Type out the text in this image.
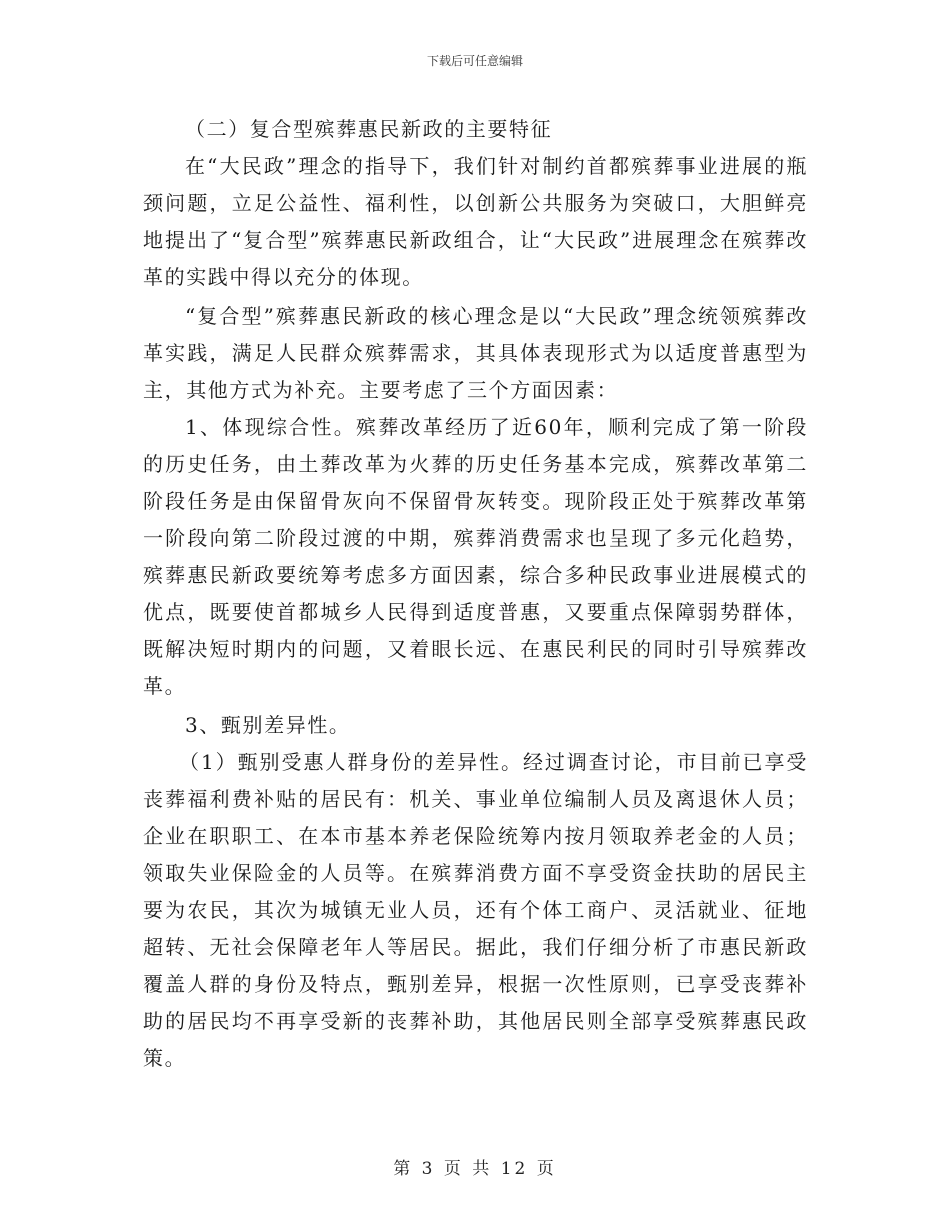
下载后可任意编辑

（二）复合型殡葬惠民新政的主要特征

在“大民政”理念的指导下，我们针对制约首都殡葬事业进展的瓶颈问题，立足公益性、福利性，以创新公共服务为突破口，大胆鲜亮地提出了“复合型”殡葬惠民新政组合，让“大民政”进展理念在殡葬改革的实践中得以充分的体现。

“复合型”殡葬惠民新政的核心理念是以“大民政”理念统领殡葬改革实践，满足人民群众殡葬需求，其具体表现形式为以适度普惠型为主，其他方式为补充。主要考虑了三个方面因素：

1、体现综合性。殡葬改革经历了近60年，顺利完成了第一阶段的历史任务，由土葬改革为火葬的历史任务基本完成，殡葬改革第二阶段任务是由保留骨灰向不保留骨灰转变。现阶段正处于殡葬改革第一阶段向第二阶段过渡的中期，殡葬消费需求也呈现了多元化趋势，殡葬惠民新政要统筹考虑多方面因素，综合多种民政事业进展模式的优点，既要使首都城乡人民得到适度普惠，又要重点保障弱势群体，既解决短时期内的问题，又着眼长远、在惠民利民的同时引导殡葬改革。

3、甄别差异性。

（1）甄别受惠人群身份的差异性。经过调查讨论，市目前已享受丧葬福利费补贴的居民有：机关、事业单位编制人员及离退休人员；企业在职职工、在本市基本养老保险统筹内按月领取养老金的人员；领取失业保险金的人员等。在殡葬消费方面不享受资金扶助的居民主要为农民，其次为城镇无业人员，还有个体工商户、灵活就业、征地超转、无社会保障老年人等居民。据此，我们仔细分析了市惠民新政覆盖人群的身份及特点，甄别差异，根据一次性原则，已享受丧葬补助的居民均不再享受新的丧葬补助，其他居民则全部享受殡葬惠民政策。

第 3 页 共 12 页
